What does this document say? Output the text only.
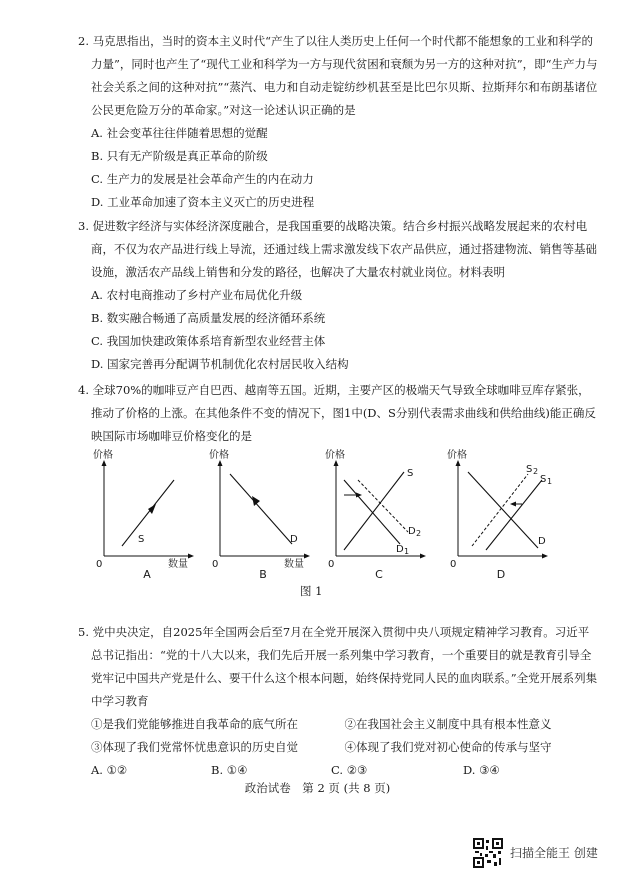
2. 马克思指出，当时的资本主义时代“产生了以往人类历史上任何一个时代都不能想象的工业和科学的力量”，同时也产生了“现代工业和科学为一方与现代贫困和衰颓为另一方的这种对抗”，即“生产力与社会关系之间的这种对抗”“蒸汽、电力和自动走锭纺纱机甚至是比巴尔贝斯、拉斯拜尔和布朗基诸位公民更危险万分的革命家。”对这一论述认识正确的是

A. 社会变革往往伴随着思想的觉醒

B. 只有无产阶级是真正革命的阶级

C. 生产力的发展是社会革命产生的内在动力

D. 工业革命加速了资本主义灭亡的历史进程

3. 促进数字经济与实体经济深度融合，是我国重要的战略决策。结合乡村振兴战略发展起来的农村电商，不仅为农产品进行线上导流，还通过线上需求激发线下农产品供应，通过搭建物流、销售等基础设施，激活农产品线上销售和分发的路径，也解决了大量农村就业岗位。材料表明

A. 农村电商推动了乡村产业布局优化升级

B. 数实融合畅通了高质量发展的经济循环系统

C. 我国加快建政策体系培育新型农业经营主体

D. 国家完善再分配调节机制优化农村居民收入结构

4. 全球70%的咖啡豆产自巴西、越南等五国。近期，主要产区的极端天气导致全球咖啡豆库存紧张，推动了价格的上涨。在其他条件不变的情况下，图1中(D、S分别代表需求曲线和供给曲线)能正确反映国际市场咖啡豆价格变化的是

价格
0	数量
S
A
价格
0	数量
D
B
价格
0
S
D 1
D 2
C
价格
0
S 2
S 1
D
D
图 1

5. 党中央决定，自2025年全国两会后至7月在全党开展深入贯彻中央八项规定精神学习教育。习近平总书记指出：“党的十八大以来，我们先后开展一系列集中学习教育，一个重要目的就是教育引导全党牢记中国共产党是什么、要干什么这个根本问题，始终保持党同人民的血肉联系。”全党开展系列集中学习教育

①是我们党能够推进自我革命的底气所在	②在我国社会主义制度中具有根本性意义
③体现了我们党常怀忧患意识的历史自觉	④体现了我们党对初心使命的传承与坚守
A. ①②	B. ①④	C. ②③	D. ③④
政治试卷　第 2 页 (共 8 页)
扫描全能王 创建
